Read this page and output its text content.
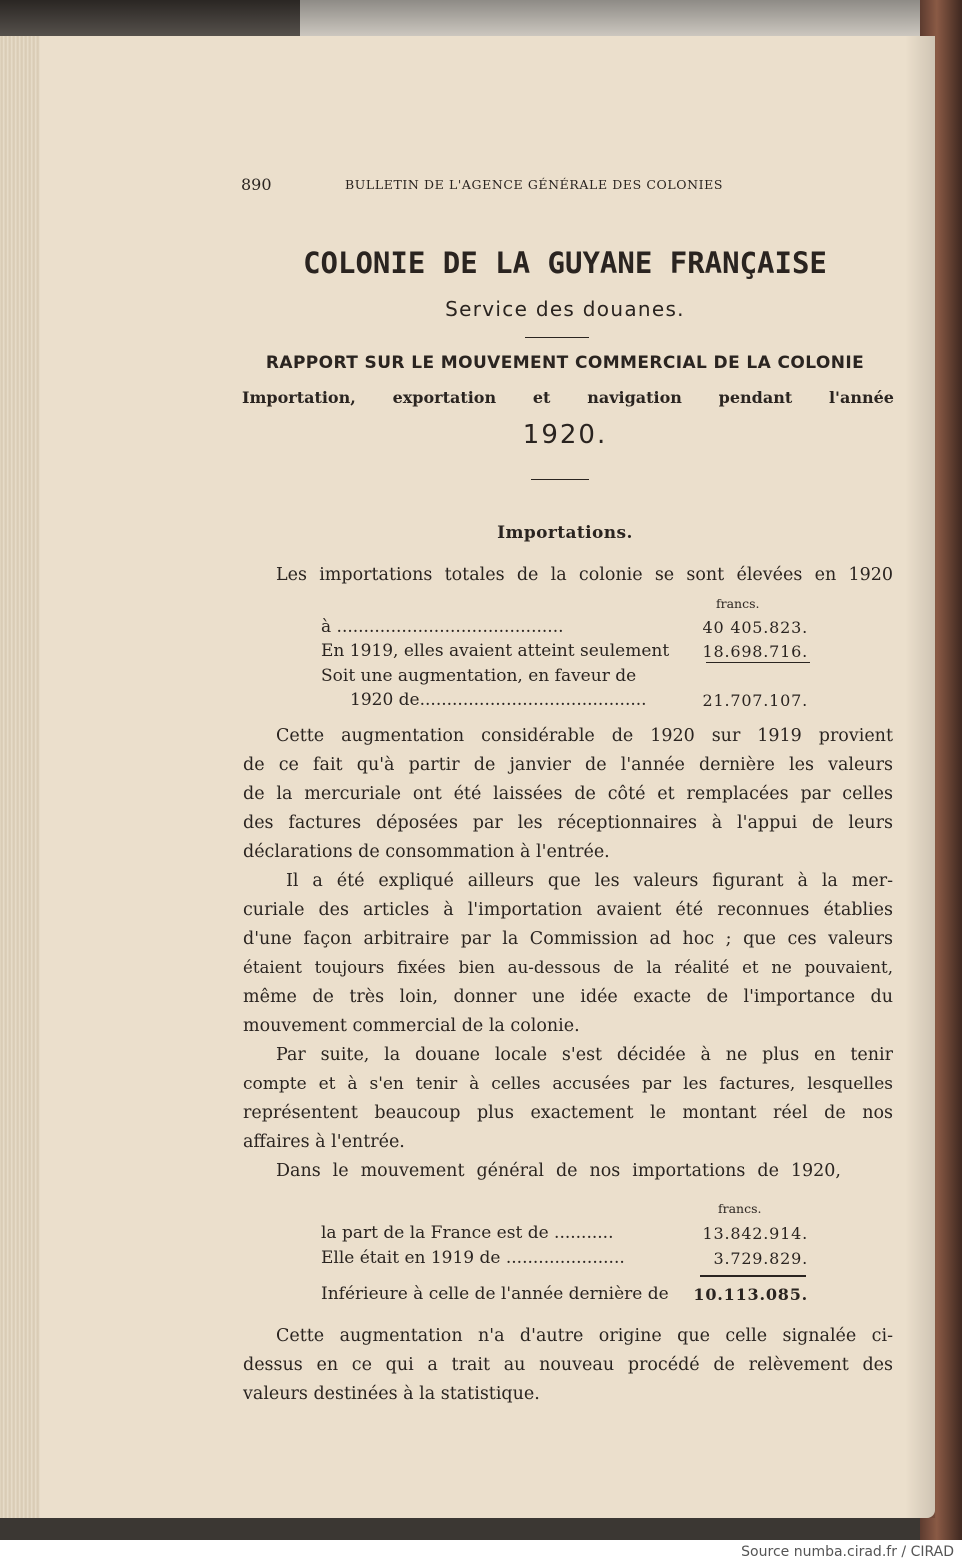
890	BULLETIN DE L'AGENCE GÉNÉRALE DES COLONIES
COLONIE DE LA GUYANE FRANÇAISE
Service des douanes.
RAPPORT SUR LE MOUVEMENT COMMERCIAL DE LA COLONIE
Importation, exportation et navigation pendant l'année
1920.
Importations.
Les importations totales de la colonie se sont élevées en 1920
francs.
à ..........................................	40 405.823.
En 1919, elles avaient atteint seulement	18.698.716.
Soit une augmentation, en faveur de
1920 de..........................................	21.707.107.
Cette augmentation considérable de 1920 sur 1919 provient
de ce fait qu'à partir de janvier de l'année dernière les valeurs
de la mercuriale ont été laissées de côté et remplacées par celles
des factures déposées par les réceptionnaires à l'appui de leurs
déclarations de consommation à l'entrée.
Il a été expliqué ailleurs que les valeurs figurant à la mer-
curiale des articles à l'importation avaient été reconnues établies
d'une façon arbitraire par la Commission ad hoc ; que ces valeurs
étaient toujours fixées bien au-dessous de la réalité et ne pouvaient,
même de très loin, donner une idée exacte de l'importance du
mouvement commercial de la colonie.
Par suite, la douane locale s'est décidée à ne plus en tenir
compte et à s'en tenir à celles accusées par les factures, lesquelles
représentent beaucoup plus exactement le montant réel de nos
affaires à l'entrée.
Dans le mouvement général de nos importations de 1920,
francs.
la part de la France est de ...........	13.842.914.
Elle était en 1919 de ......................	3.729.829.
Inférieure à celle de l'année dernière de	10.113.085.
Cette augmentation n'a d'autre origine que celle signalée ci-
dessus en ce qui a trait au nouveau procédé de relèvement des
valeurs destinées à la statistique.
Source numba.cirad.fr / CIRAD
